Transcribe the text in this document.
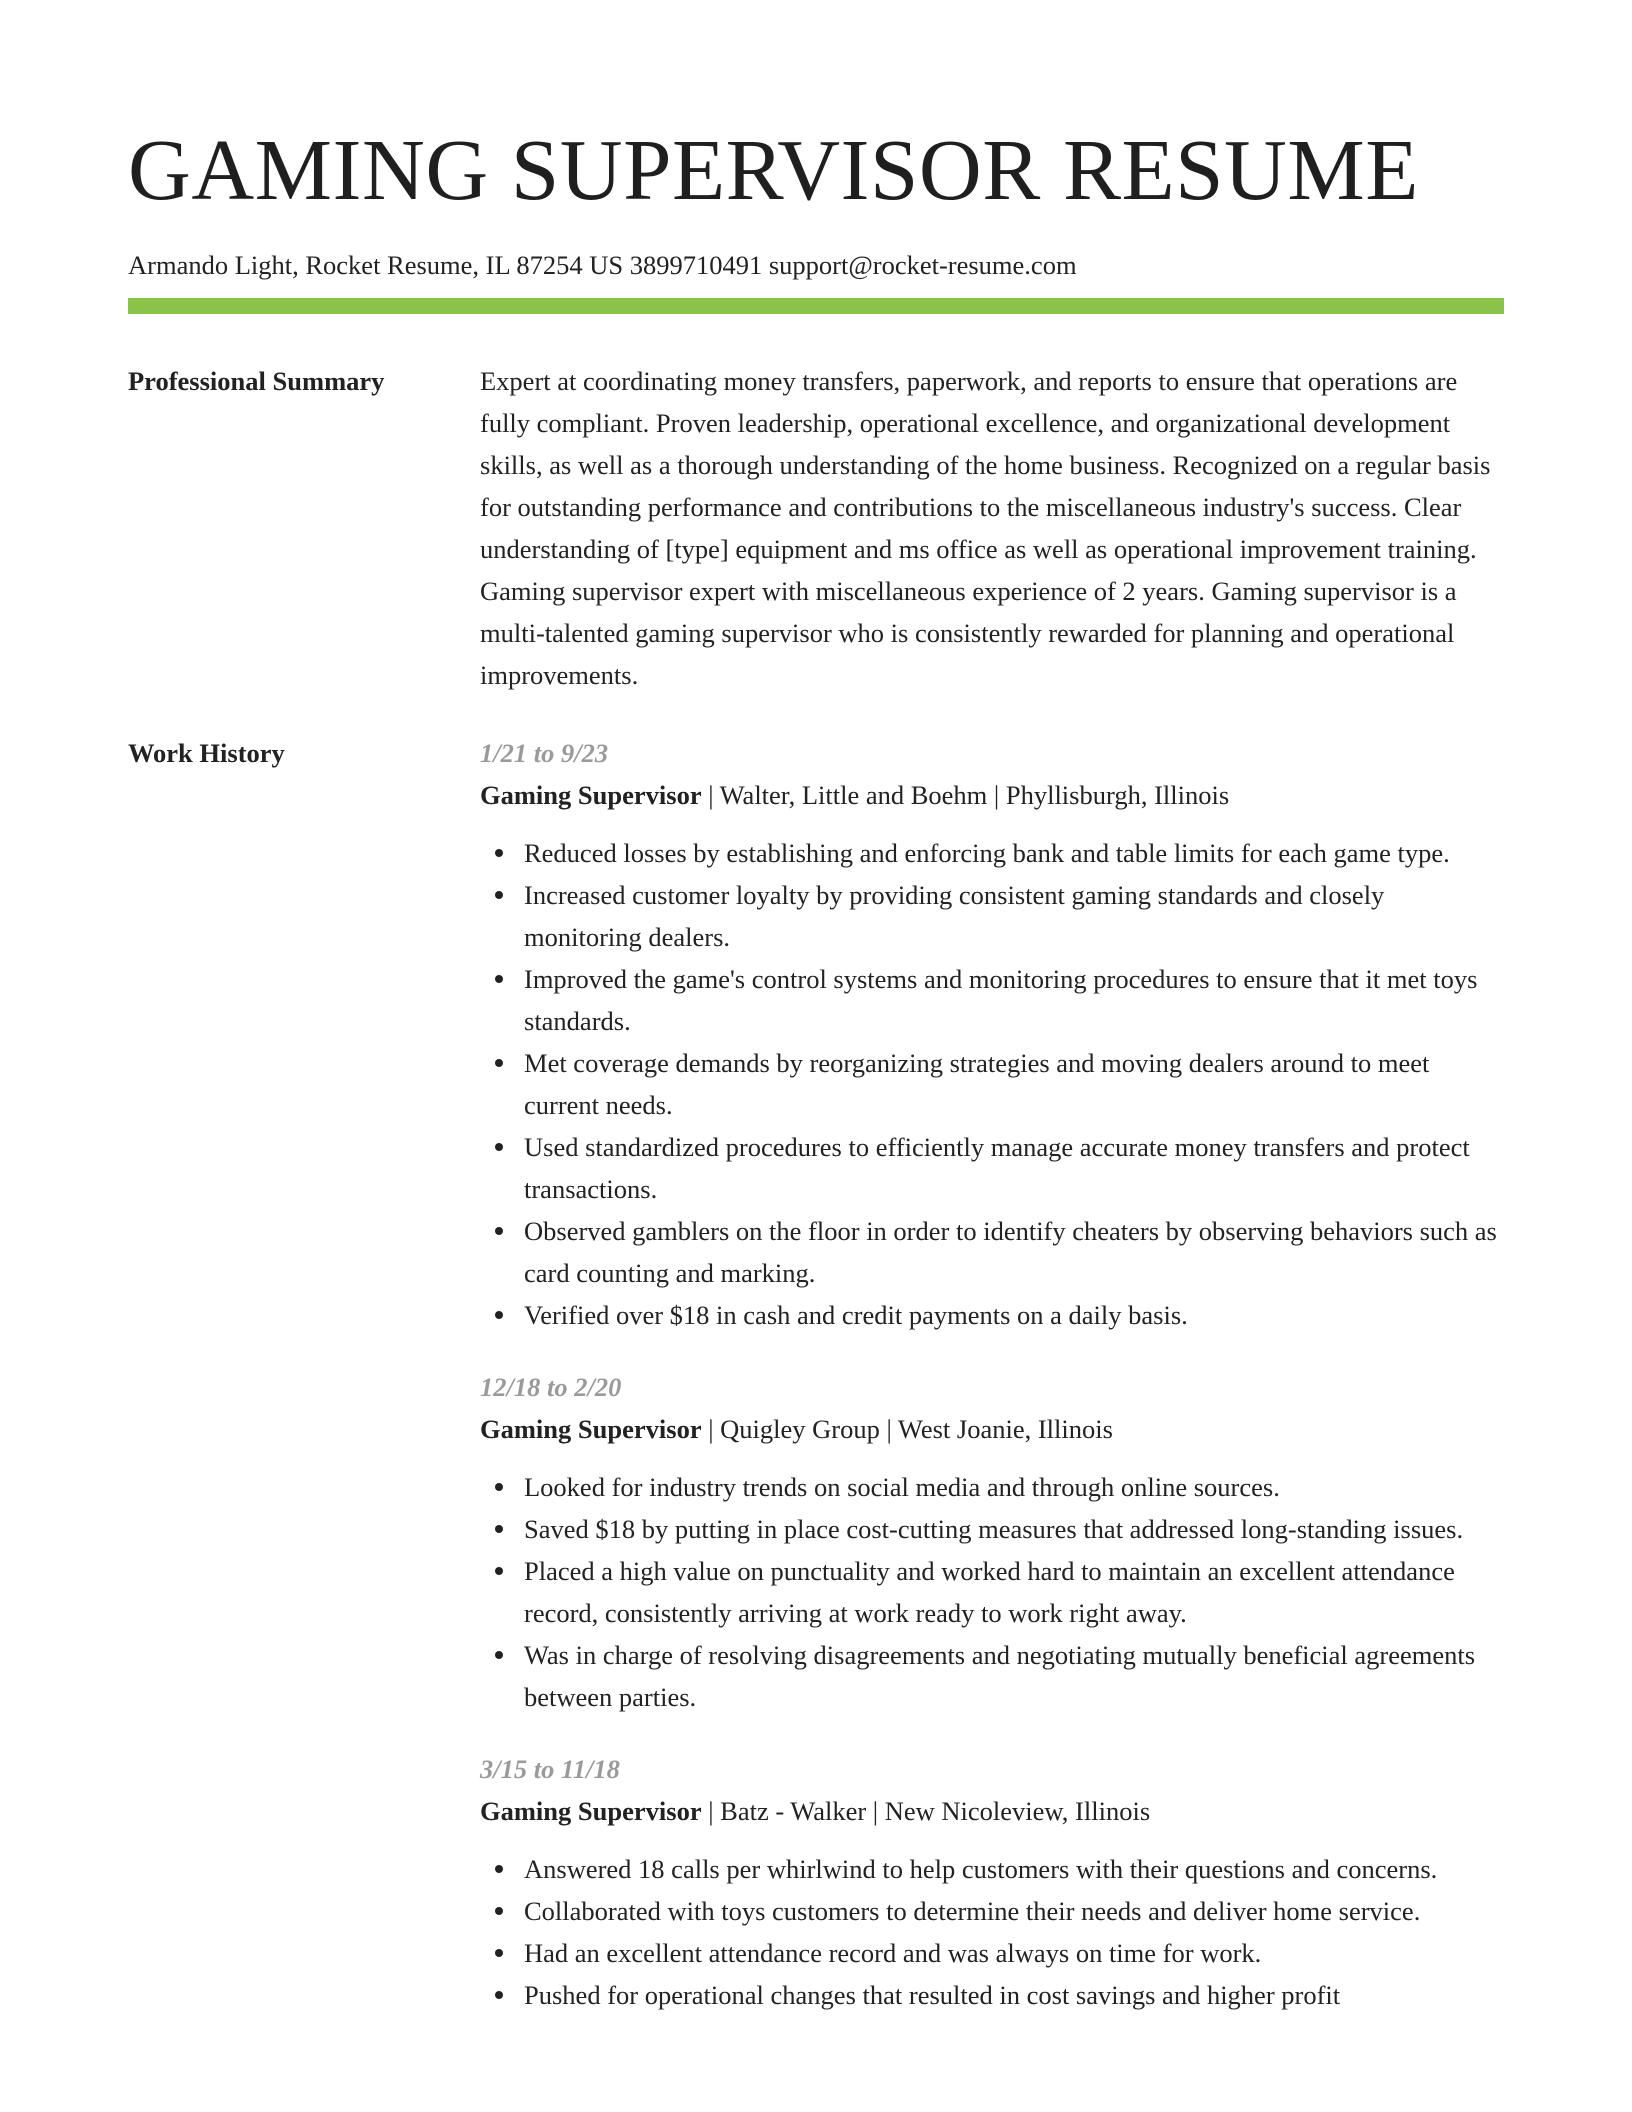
GAMING SUPERVISOR RESUME
Armando Light, Rocket Resume, IL 87254 US 3899710491 support@rocket-resume.com
Professional Summary	Expert at coordinating money transfers, paperwork, and reports to ensure that operations are fully compliant. Proven leadership, operational excellence, and organizational development skills, as well as a thorough understanding of the home business. Recognized on a regular basis for outstanding performance and contributions to the miscellaneous industry's success. Clear understanding of [type] equipment and ms office as well as operational improvement training. Gaming supervisor expert with miscellaneous experience of 2 years. Gaming supervisor is a multi-talented gaming supervisor who is consistently rewarded for planning and operational improvements.

Work History	1/21 to 9/23
Gaming Supervisor | Walter, Little and Boehm | Phyllisburgh, Illinois
Reduced losses by establishing and enforcing bank and table limits for each game type.
Increased customer loyalty by providing consistent gaming standards and closely monitoring dealers.
Improved the game's control systems and monitoring procedures to ensure that it met toys standards.
Met coverage demands by reorganizing strategies and moving dealers around to meet current needs.
Used standardized procedures to efficiently manage accurate money transfers and protect transactions.
Observed gamblers on the floor in order to identify cheaters by observing behaviors such as card counting and marking.
Verified over $18 in cash and credit payments on a daily basis.
12/18 to 2/20
Gaming Supervisor | Quigley Group | West Joanie, Illinois
Looked for industry trends on social media and through online sources.
Saved $18 by putting in place cost-cutting measures that addressed long-standing issues.
Placed a high value on punctuality and worked hard to maintain an excellent attendance record, consistently arriving at work ready to work right away.
Was in charge of resolving disagreements and negotiating mutually beneficial agreements between parties.
3/15 to 11/18
Gaming Supervisor | Batz - Walker | New Nicoleview, Illinois
Answered 18 calls per whirlwind to help customers with their questions and concerns.
Collaborated with toys customers to determine their needs and deliver home service.
Had an excellent attendance record and was always on time for work.
Pushed for operational changes that resulted in cost savings and higher profit
